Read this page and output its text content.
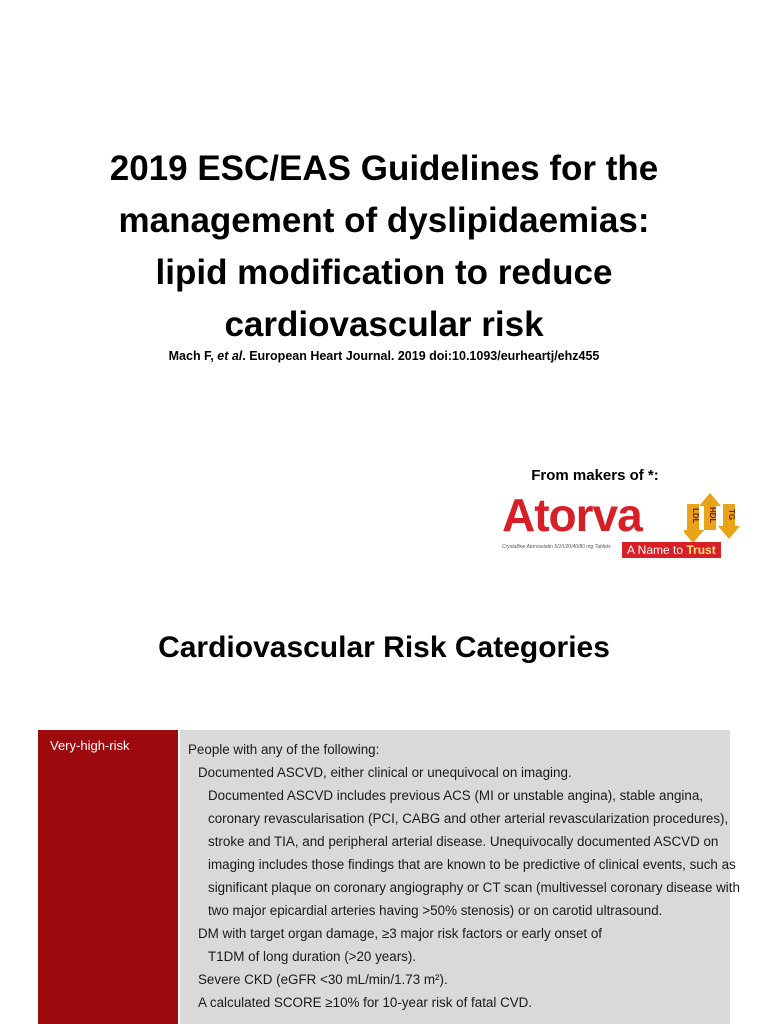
2019 ESC/EAS Guidelines for the
management of dyslipidaemias:
lipid modification to reduce
cardiovascular risk
Mach F, et al. European Heart Journal. 2019 doi:10.1093/eurheartj/ehz455
From makers of *:
Atorva	LDL HDL TG
Crystalline Atorvastatin 5/10/20/40/80 mg Tablets	A Name to Trust
Cardiovascular Risk Categories
Very-high-risk	People with any of the following:
Documented ASCVD, either clinical or unequivocal on imaging.
Documented ASCVD includes previous ACS (MI or unstable angina), stable angina,
coronary revascularisation (PCI, CABG and other arterial revascularization procedures),
stroke and TIA, and peripheral arterial disease. Unequivocally documented ASCVD on
imaging includes those findings that are known to be predictive of clinical events, such as
significant plaque on coronary angiography or CT scan (multivessel coronary disease with
two major epicardial arteries having >50% stenosis) or on carotid ultrasound.
DM with target organ damage, ≥3 major risk factors or early onset of
T1DM of long duration (>20 years).
Severe CKD (eGFR <30 mL/min/1.73 m²).
A calculated SCORE ≥10% for 10-year risk of fatal CVD.
